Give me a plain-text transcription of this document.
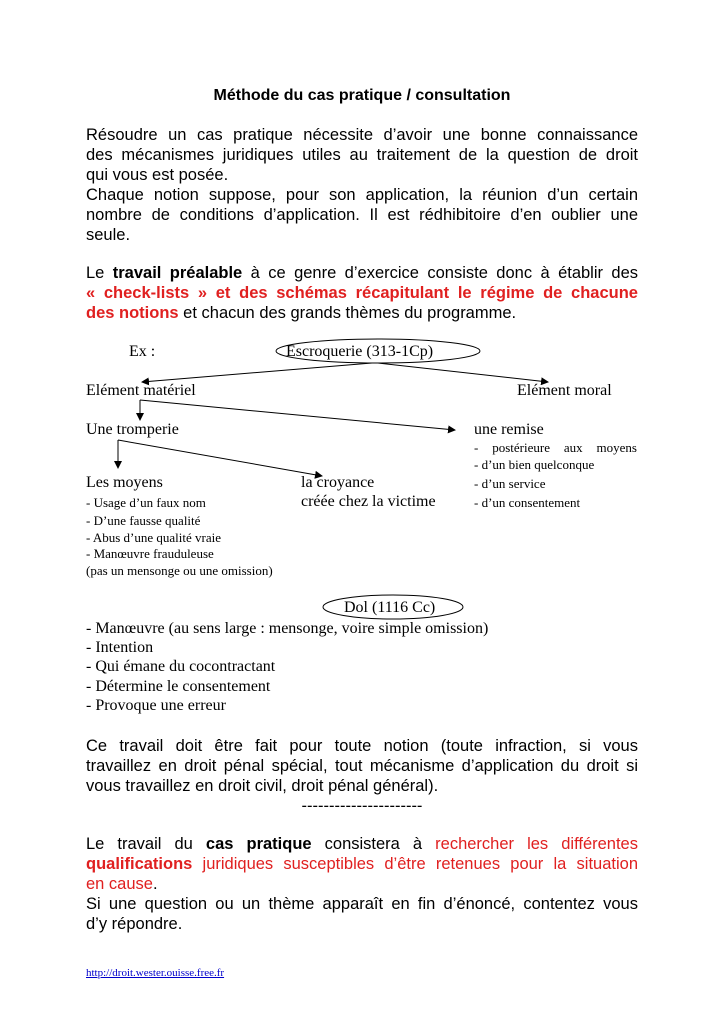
Méthode du cas pratique / consultation
Résoudre un cas pratique nécessite d’avoir une bonne connaissance
des mécanismes juridiques utiles au traitement de la question de droit
qui vous est posée.
Chaque notion suppose, pour son application, la réunion d’un certain
nombre de conditions d’application. Il est rédhibitoire d’en oublier une
seule.
Le travail préalable à ce genre d’exercice consiste donc à établir des
« check-lists » et des schémas récapitulant le régime de chacune
des notions et chacun des grands thèmes du programme.
Ex :	Escroquerie (313-1Cp)
Elément matériel	Elément moral
Une tromperie	une remise
- postérieure aux moyens
- d’un bien quelconque
- d’un service
- d’un consentement
Les moyens	la croyance
créée chez la victime
- Usage d’un faux nom
- D’une fausse qualité
- Abus d’une qualité vraie
- Manœuvre frauduleuse
(pas un mensonge ou une omission)
Dol (1116 Cc)
- Manœuvre (au sens large : mensonge, voire simple omission)
- Intention
- Qui émane du cocontractant
- Détermine le consentement
- Provoque une erreur
Ce travail doit être fait pour toute notion (toute infraction, si vous
travaillez en droit pénal spécial, tout mécanisme d’application du droit si
vous travaillez en droit civil, droit pénal général).
----------------------
Le travail du cas pratique consistera à rechercher les différentes
qualifications juridiques susceptibles d’être retenues pour la situation
en cause.
Si une question ou un thème apparaît en fin d’énoncé, contentez vous
d’y répondre.
http://droit.wester.ouisse.free.fr
